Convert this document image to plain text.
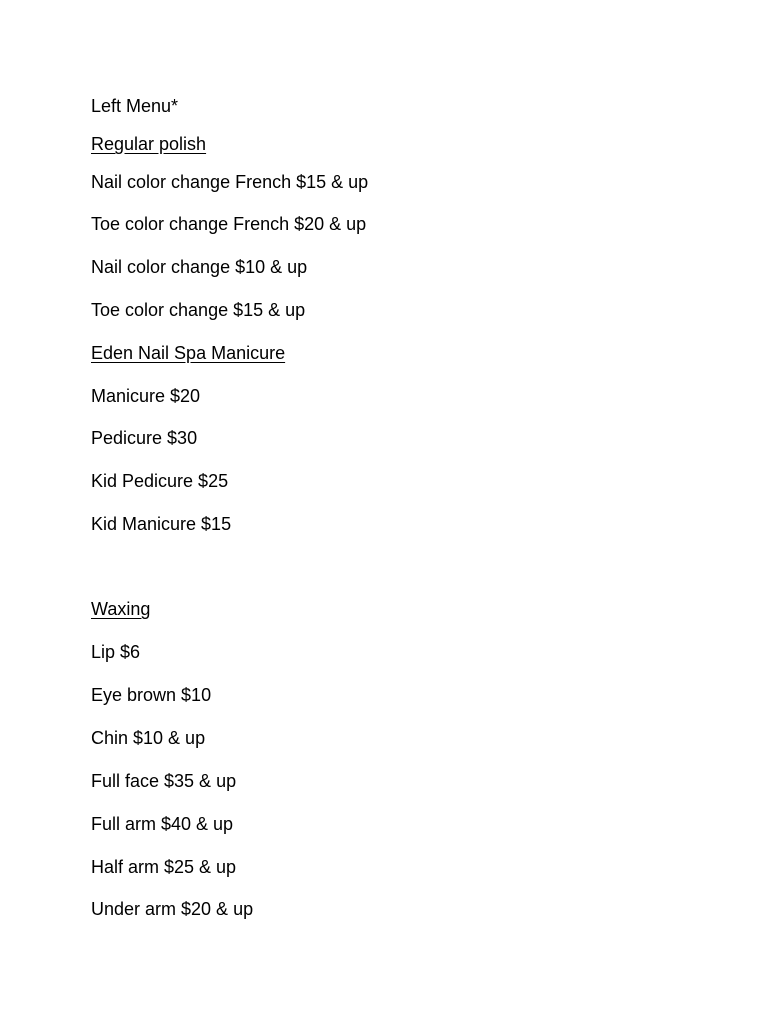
Left Menu*

Regular polish

Nail color change French $15 & up

Toe color change French $20 & up

Nail color change $10 & up

Toe color change $15 & up

Eden Nail Spa Manicure

Manicure $20

Pedicure $30

Kid Pedicure $25

Kid Manicure $15

Waxing

Lip $6

Eye brown $10

Chin $10 & up

Full face $35 & up

Full arm $40 & up

Half arm $25 & up

Under arm $20 & up
